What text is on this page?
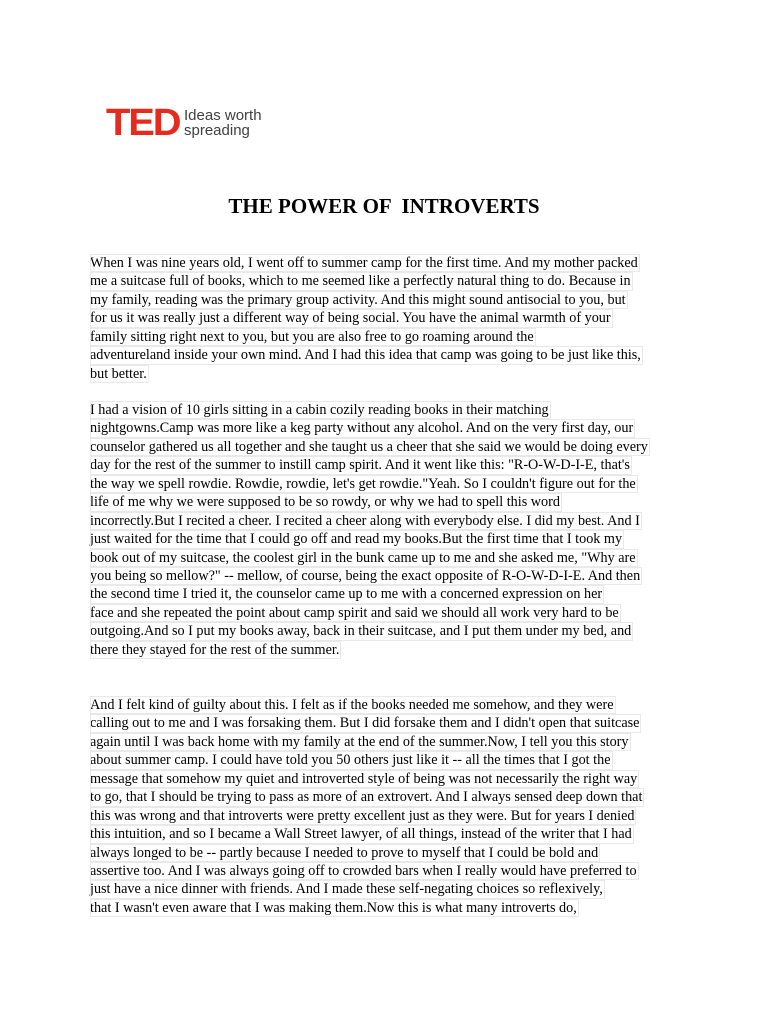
TED Ideas worth
spreading
THE POWER OF  INTROVERTS
When I was nine years old, I went off to summer camp for the first time. And my mother packed
me a suitcase full of books, which to me seemed like a perfectly natural thing to do. Because in
my family, reading was the primary group activity. And this might sound antisocial to you, but
for us it was really just a different way of being social. You have the animal warmth of your
family sitting right next to you, but you are also free to go roaming around the
adventureland inside your own mind. And I had this idea that camp was going to be just like this,
but better.
I had a vision of 10 girls sitting in a cabin cozily reading books in their matching
nightgowns.Camp was more like a keg party without any alcohol. And on the very first day, our
counselor gathered us all together and she taught us a cheer that she said we would be doing every
day for the rest of the summer to instill camp spirit. And it went like this: "R-O-W-D-I-E, that's
the way we spell rowdie. Rowdie, rowdie, let's get rowdie."Yeah. So I couldn't figure out for the
life of me why we were supposed to be so rowdy, or why we had to spell this word
incorrectly.But I recited a cheer. I recited a cheer along with everybody else. I did my best. And I
just waited for the time that I could go off and read my books.But the first time that I took my
book out of my suitcase, the coolest girl in the bunk came up to me and she asked me, "Why are
you being so mellow?" -- mellow, of course, being the exact opposite of R-O-W-D-I-E. And then
the second time I tried it, the counselor came up to me with a concerned expression on her
face and she repeated the point about camp spirit and said we should all work very hard to be
outgoing.And so I put my books away, back in their suitcase, and I put them under my bed, and
there they stayed for the rest of the summer.
And I felt kind of guilty about this. I felt as if the books needed me somehow, and they were
calling out to me and I was forsaking them. But I did forsake them and I didn't open that suitcase
again until I was back home with my family at the end of the summer.Now, I tell you this story
about summer camp. I could have told you 50 others just like it -- all the times that I got the
message that somehow my quiet and introverted style of being was not necessarily the right way
to go, that I should be trying to pass as more of an extrovert. And I always sensed deep down that
this was wrong and that introverts were pretty excellent just as they were. But for years I denied
this intuition, and so I became a Wall Street lawyer, of all things, instead of the writer that I had
always longed to be -- partly because I needed to prove to myself that I could be bold and
assertive too. And I was always going off to crowded bars when I really would have preferred to
just have a nice dinner with friends. And I made these self-negating choices so reflexively,
that I wasn't even aware that I was making them.Now this is what many introverts do,
